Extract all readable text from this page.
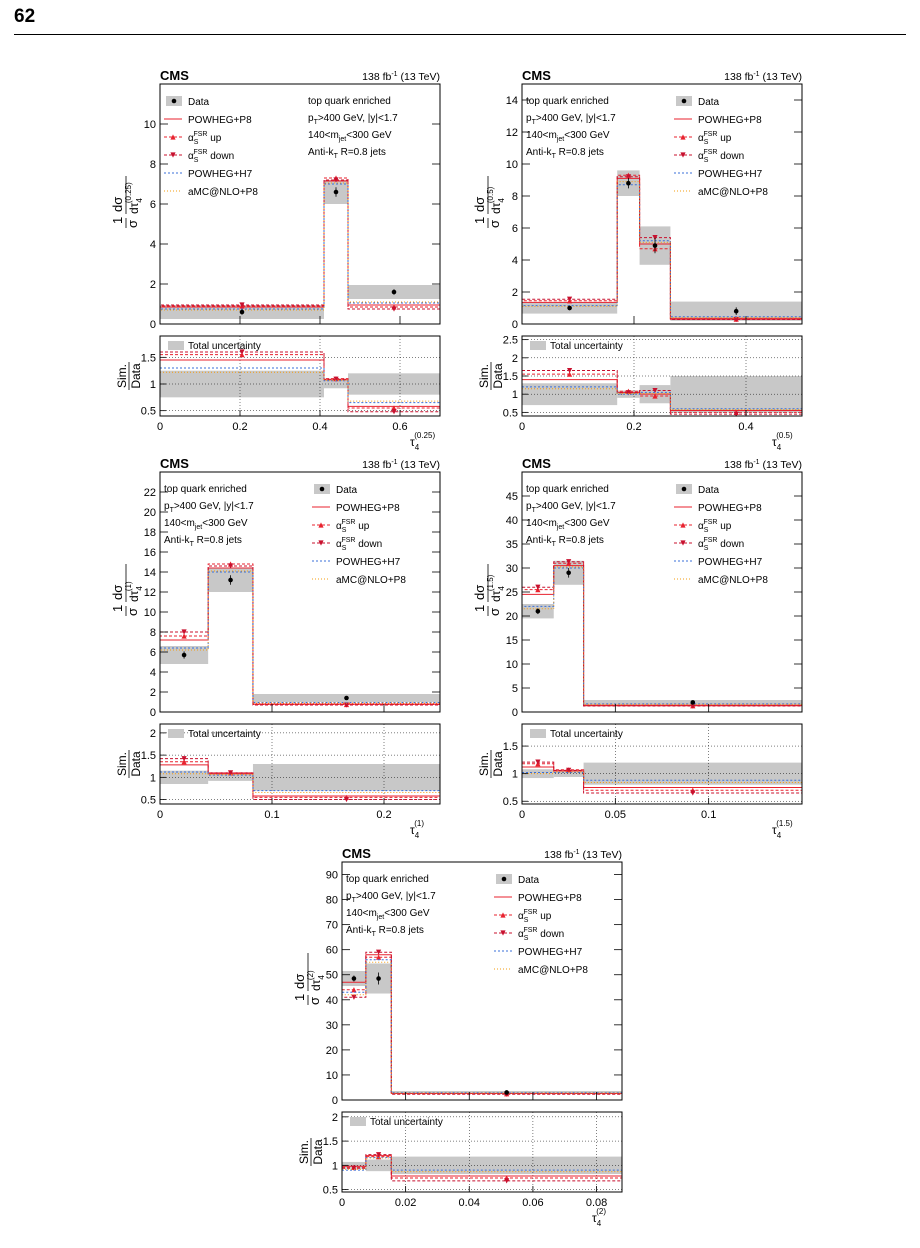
62
CMS	138 $fb^{-1}$ (13 TeV)
1 σ
dσ $d\tau_4(0.25)$
0
2
4
6
8
10
Data
POWHEG+P8
$\alpha_SFSR$ up
$\alpha_SFSR$ down
POWHEG+H7
aMC@NLO+P8
top quark enriched
$p_T>400$ GeV, |y|<1.7
$140<m_{jet}<300$ GeV
Anti-$k_T$ R=0.8 jets
0.5
1
1.5
0	0.2	0.4	0.6
Total uncertainty
Sim. Data
$\tau_4(0.25)$
CMS	138 $fb^{-1}$ (13 TeV)
1 σ
dσ $d\tau_4(0.5)$
0
2
4
6
8
10
12
14	Data
POWHEG+P8
$\alpha_SFSR$ up
$\alpha_SFSR$ down
POWHEG+H7
aMC@NLO+P8
top quark enriched
$p_T>400$ GeV, |y|<1.7
$140<m_{jet}<300$ GeV
Anti-$k_T$ R=0.8 jets
0.5
1
1.5
2
2.5
0	0.2	0.4
Total uncertainty
Sim. Data
$\tau_4(0.5)$
CMS	138 $fb^{-1}$ (13 TeV)
1 σ
dσ $d\tau_4(1)$
0
2
4
6
8
10
12
14
16
18
20
22	Data
POWHEG+P8
$\alpha_SFSR$ up
$\alpha_SFSR$ down
POWHEG+H7
aMC@NLO+P8
top quark enriched
$p_T>400$ GeV, |y|<1.7
$140<m_{jet}<300$ GeV
Anti-$k_T$ R=0.8 jets
0.5
1
1.5
2
0	0.1	0.2
Total uncertainty
Sim. Data
$\tau_4(1)$
CMS	138 $fb^{-1}$ (13 TeV)
1 σ
dσ $d\tau_4(1.5)$
0
5
10
15
20
25
30
35
40
45
Data
POWHEG+P8
$\alpha_SFSR$ up
$\alpha_SFSR$ down
POWHEG+H7
aMC@NLO+P8
top quark enriched
$p_T>400$ GeV, |y|<1.7
$140<m_{jet}<300$ GeV
Anti-$k_T$ R=0.8 jets
0.5
1
1.5
0	0.05	0.1
Total uncertainty
Sim. Data
$\tau_4(1.5)$
CMS	138 $fb^{-1}$ (13 TeV)
1 σ
dσ $d\tau_4(2)$
0
10
20
30
40
50
60
70
80
90	Data
POWHEG+P8
$\alpha_SFSR$ up
$\alpha_SFSR$ down
POWHEG+H7
aMC@NLO+P8
top quark enriched
$p_T>400$ GeV, |y|<1.7
$140<m_{jet}<300$ GeV
Anti-$k_T$ R=0.8 jets
0.5
1
1.5
2
0	0.02	0.04	0.06	0.08
Total uncertainty
Sim. Data
$\tau_4(2)$
